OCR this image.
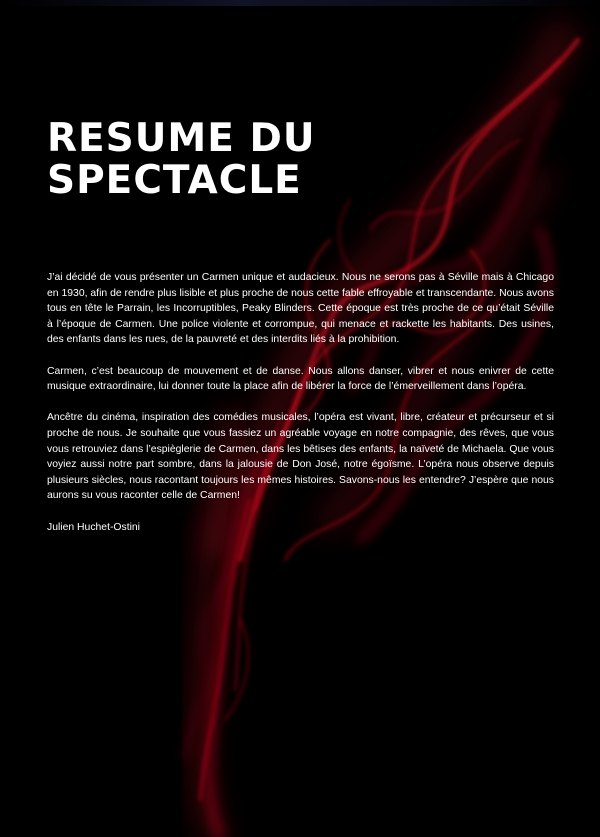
RESUME DU
SPECTACLE

J’ai décidé de vous présenter un Carmen unique et audacieux. Nous ne serons pas à Séville mais à Chicago en 1930, afin de rendre plus lisible et plus proche de nous cette fable effroyable et transcendante. Nous avons tous en tête le Parrain, les Incorruptibles, Peaky Blinders. Cette époque est très proche de ce qu’était Séville à l’époque de Carmen. Une police violente et corrompue, qui menace et rackette les habitants. Des usines, des enfants dans les rues, de la pauvreté et des interdits liés à la prohibition.

Carmen, c’est beaucoup de mouvement et de danse. Nous allons danser, vibrer et nous enivrer de cette musique extraordinaire, lui donner toute la place afin de libérer la force de l’émerveillement dans l’opéra.

Ancêtre du cinéma, inspiration des comédies musicales, l’opéra est vivant, libre, créateur et précurseur et si proche de nous. Je souhaite que vous fassiez un agréable voyage en notre compagnie, des rêves, que vous vous retrouviez dans l’espièglerie de Carmen, dans les bêtises des enfants, la naïveté de Michaela. Que vous voyiez aussi notre part sombre, dans la jalousie de Don José, notre égoïsme. L’opéra nous observe depuis plusieurs siècles, nous racontant toujours les mêmes histoires. Savons-nous les entendre? J’espère que nous aurons su vous raconter celle de Carmen!

Julien Huchet-Ostini
